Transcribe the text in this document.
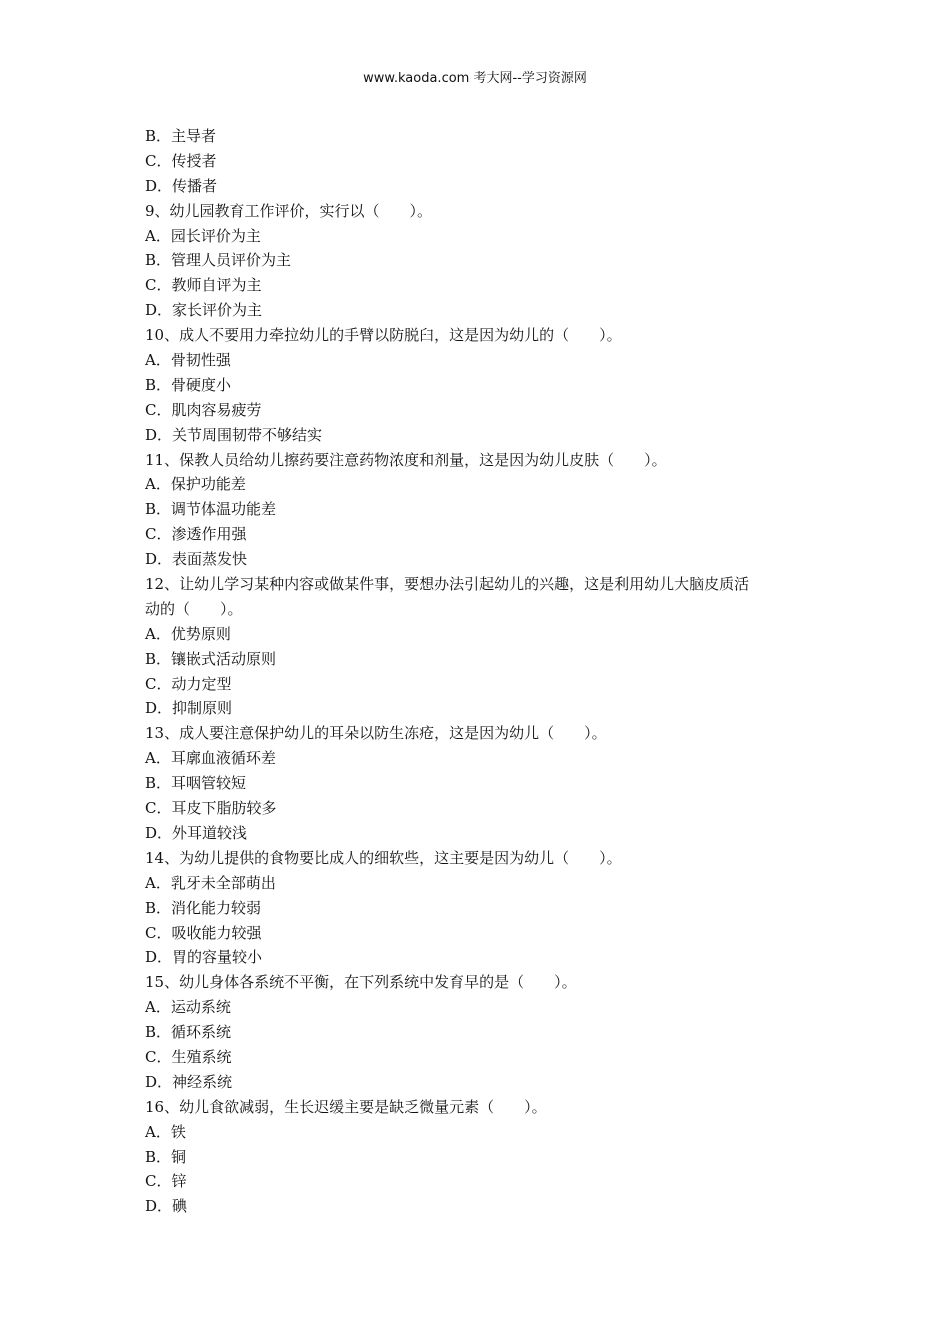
www.kaoda.com 考大网--学习资源网
B．主导者
C．传授者
D．传播者
9、幼儿园教育工作评价，实行以（　　）。
A．园长评价为主
B．管理人员评价为主
C．教师自评为主
D．家长评价为主
10、成人不要用力牵拉幼儿的手臂以防脱臼，这是因为幼儿的（　　）。
A．骨韧性强
B．骨硬度小
C．肌肉容易疲劳
D．关节周围韧带不够结实
11、保教人员给幼儿擦药要注意药物浓度和剂量，这是因为幼儿皮肤（　　）。
A．保护功能差
B．调节体温功能差
C．渗透作用强
D．表面蒸发快
12、让幼儿学习某种内容或做某件事，要想办法引起幼儿的兴趣，这是利用幼儿大脑皮质活
动的（　　）。
A．优势原则
B．镶嵌式活动原则
C．动力定型
D．抑制原则
13、成人要注意保护幼儿的耳朵以防生冻疮，这是因为幼儿（　　）。
A．耳廓血液循环差
B．耳咽管较短
C．耳皮下脂肪较多
D．外耳道较浅
14、为幼儿提供的食物要比成人的细软些，这主要是因为幼儿（　　）。
A．乳牙未全部萌出
B．消化能力较弱
C．吸收能力较强
D．胃的容量较小
15、幼儿身体各系统不平衡，在下列系统中发育早的是（　　）。
A．运动系统
B．循环系统
C．生殖系统
D．神经系统
16、幼儿食欲减弱，生长迟缓主要是缺乏微量元素（　　）。
A．铁
B．铜
C．锌
D．碘
